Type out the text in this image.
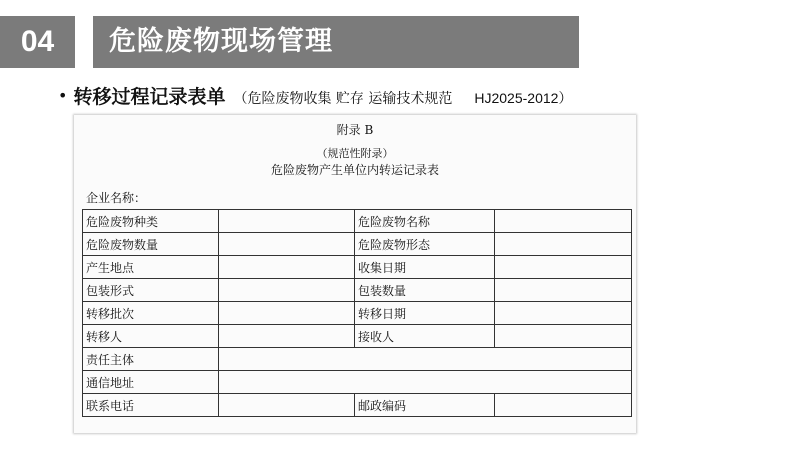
04	危险废物现场管理
• 转移过程记录表单 （危险废物收集 贮存 运输技术规范 HJ2025-2012）
附录 B
（规范性附录）
危险废物产生单位内转运记录表
企业名称：
危险废物种类		危险废物名称	
危险废物数量		危险废物形态	
产生地点		收集日期	
包装形式		包装数量	
转移批次		转移日期	
转移人		接收人	
责任主体			
通信地址			
联系电话		邮政编码	
